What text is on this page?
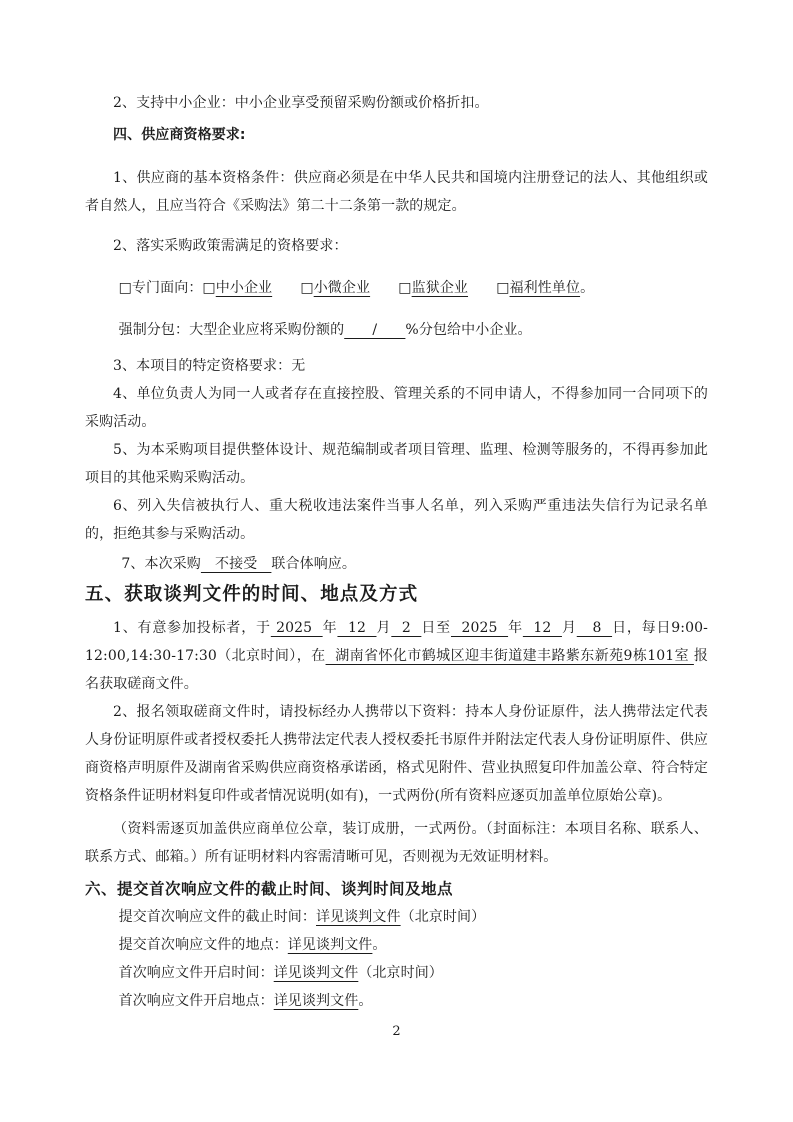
2、支持中小企业：中小企业享受预留采购份额或价格折扣。

四、供应商资格要求:

1、供应商的基本资格条件：供应商必须是在中华人民共和国境内注册登记的法人、其他组织或者自然人，且应当符合《采购法》第二十二条第一款的规定。

2、落实采购政策需满足的资格要求：

□专门面向：□中小企业　　 □小微企业　　 □监狱企业　　 □福利性单位。

强制分包：大型企业应将采购份额的　　/　　%分包给中小企业。

3、本项目的特定资格要求：无

4、单位负责人为同一人或者存在直接控股、管理关系的不同申请人，不得参加同一合同项下的采购活动。

5、为本采购项目提供整体设计、规范编制或者项目管理、监理、检测等服务的，不得再参加此项目的其他采购采购活动。

6、列入失信被执行人、重大税收违法案件当事人名单，列入采购严重违法失信行为记录名单的，拒绝其参与采购活动。

7、本次采购　不接受　联合体响应。

五、获取谈判文件的时间、地点及方式

1、有意参加投标者，于 2025  年  12  月  2  日至  2025  年  12  月   8  日，每日9:00-12:00,14:30-17:30（北京时间），在  湖南省怀化市鹤城区迎丰街道建丰路紫东新苑9栋101室 报名获取磋商文件。

2、报名领取磋商文件时，请投标经办人携带以下资料：持本人身份证原件，法人携带法定代表人身份证明原件或者授权委托人携带法定代表人授权委托书原件并附法定代表人身份证明原件、供应商资格声明原件及湖南省采购供应商资格承诺函，格式见附件、营业执照复印件加盖公章、符合特定资格条件证明材料复印件或者情况说明(如有)，一式两份(所有资料应逐页加盖单位原始公章)。

（资料需逐页加盖供应商单位公章，装订成册，一式两份。（封面标注：本项目名称、联系人、联系方式、邮箱。）所有证明材料内容需清晰可见，否则视为无效证明材料。

六、提交首次响应文件的截止时间、谈判时间及地点

提交首次响应文件的截止时间：详见谈判文件（北京时间）

提交首次响应文件的地点：详见谈判文件。

首次响应文件开启时间：详见谈判文件（北京时间）

首次响应文件开启地点：详见谈判文件。

2
